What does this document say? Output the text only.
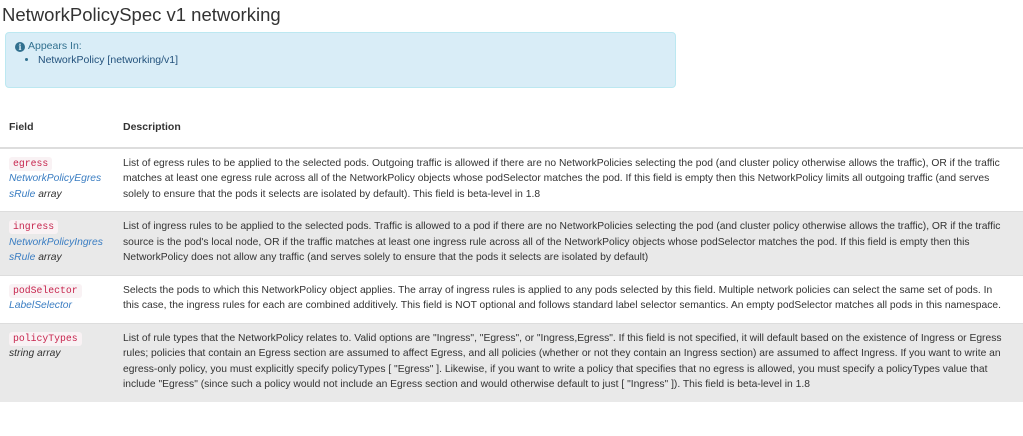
NetworkPolicySpec v1 networking
i Appears In:
• NetworkPolicy [networking/v1]
Field	Description
egress
NetworkPolicyEgressRule array	List of egress rules to be applied to the selected pods. Outgoing traffic is allowed if there are no NetworkPolicies selecting the pod (and cluster policy otherwise allows the traffic), OR if the traffic matches at least one egress rule across all of the NetworkPolicy objects whose podSelector matches the pod. If this field is empty then this NetworkPolicy limits all outgoing traffic (and serves solely to ensure that the pods it selects are isolated by default). This field is beta-level in 1.8
ingress
NetworkPolicyIngressRule array	List of ingress rules to be applied to the selected pods. Traffic is allowed to a pod if there are no NetworkPolicies selecting the pod (and cluster policy otherwise allows the traffic), OR if the traffic source is the pod's local node, OR if the traffic matches at least one ingress rule across all of the NetworkPolicy objects whose podSelector matches the pod. If this field is empty then this NetworkPolicy does not allow any traffic (and serves solely to ensure that the pods it selects are isolated by default)
podSelector
LabelSelector	Selects the pods to which this NetworkPolicy object applies. The array of ingress rules is applied to any pods selected by this field. Multiple network policies can select the same set of pods. In this case, the ingress rules for each are combined additively. This field is NOT optional and follows standard label selector semantics. An empty podSelector matches all pods in this namespace.
policyTypes
string array	List of rule types that the NetworkPolicy relates to. Valid options are "Ingress", "Egress", or "Ingress,Egress". If this field is not specified, it will default based on the existence of Ingress or Egress rules; policies that contain an Egress section are assumed to affect Egress, and all policies (whether or not they contain an Ingress section) are assumed to affect Ingress. If you want to write an egress-only policy, you must explicitly specify policyTypes [ "Egress" ]. Likewise, if you want to write a policy that specifies that no egress is allowed, you must specify a policyTypes value that include "Egress" (since such a policy would not include an Egress section and would otherwise default to just [ "Ingress" ]). This field is beta-level in 1.8
